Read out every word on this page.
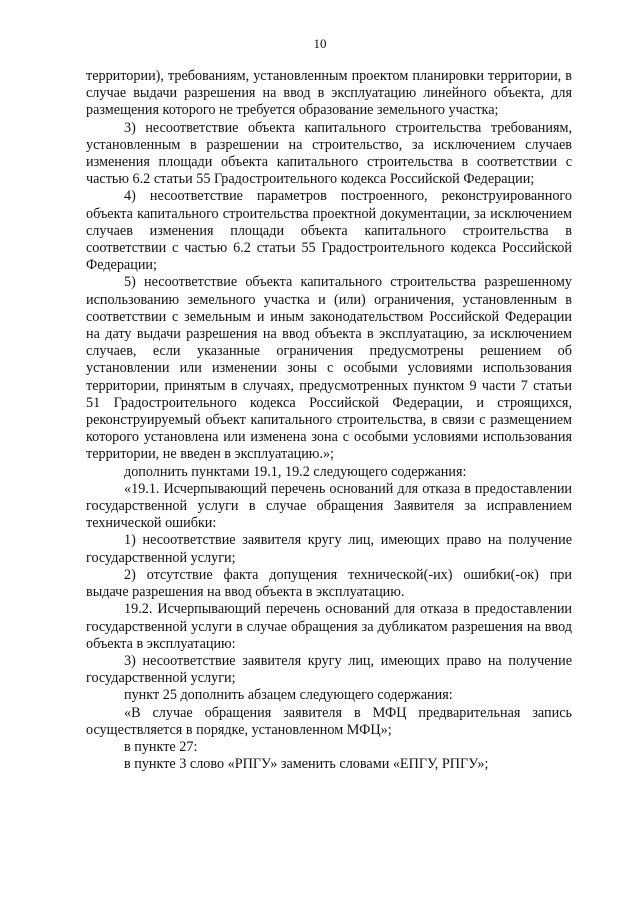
10

территории), требованиям, установленным проектом планировки территории, в случае выдачи разрешения на ввод в эксплуатацию линейного объекта, для размещения которого не требуется образование земельного участка;

3) несоответствие объекта капитального строительства требованиям, установленным в разрешении на строительство, за исключением случаев изменения площади объекта капитального строительства в соответствии с частью 6.2 статьи 55 Градостроительного кодекса Российской Федерации;

4) несоответствие параметров построенного, реконструированного объекта капитального строительства проектной документации, за исключением случаев изменения площади объекта капитального строительства в соответствии с частью 6.2 статьи 55 Градостроительного кодекса Российской Федерации;

5) несоответствие объекта капитального строительства разрешенному использованию земельного участка и (или) ограничения, установленным в соответствии с земельным и иным законодательством Российской Федерации на дату выдачи разрешения на ввод объекта в эксплуатацию, за исключением случаев, если указанные ограничения предусмотрены решением об установлении или изменении зоны с особыми условиями использования территории, принятым в случаях, предусмотренных пунктом 9 части 7 статьи 51 Градостроительного кодекса Российской Федерации, и строящихся, реконструируемый объект капитального строительства, в связи с размещением которого установлена или изменена зона с особыми условиями использования территории, не введен в эксплуатацию.»;

дополнить пунктами 19.1, 19.2 следующего содержания:

«19.1. Исчерпывающий перечень оснований для отказа в предоставлении государственной услуги в случае обращения Заявителя за исправлением технической ошибки:

1) несоответствие заявителя кругу лиц, имеющих право на получение государственной услуги;

2) отсутствие факта допущения технической(-их) ошибки(-ок) при выдаче разрешения на ввод объекта в эксплуатацию.

19.2. Исчерпывающий перечень оснований для отказа в предоставлении государственной услуги в случае обращения за дубликатом разрешения на ввод объекта в эксплуатацию:

3) несоответствие заявителя кругу лиц, имеющих право на получение государственной услуги;

пункт 25 дополнить абзацем следующего содержания:

«В случае обращения заявителя в МФЦ предварительная запись осуществляется в порядке, установленном МФЦ»;

в пункте 27:

в пункте 3 слово «РПГУ» заменить словами «ЕПГУ, РПГУ»;
